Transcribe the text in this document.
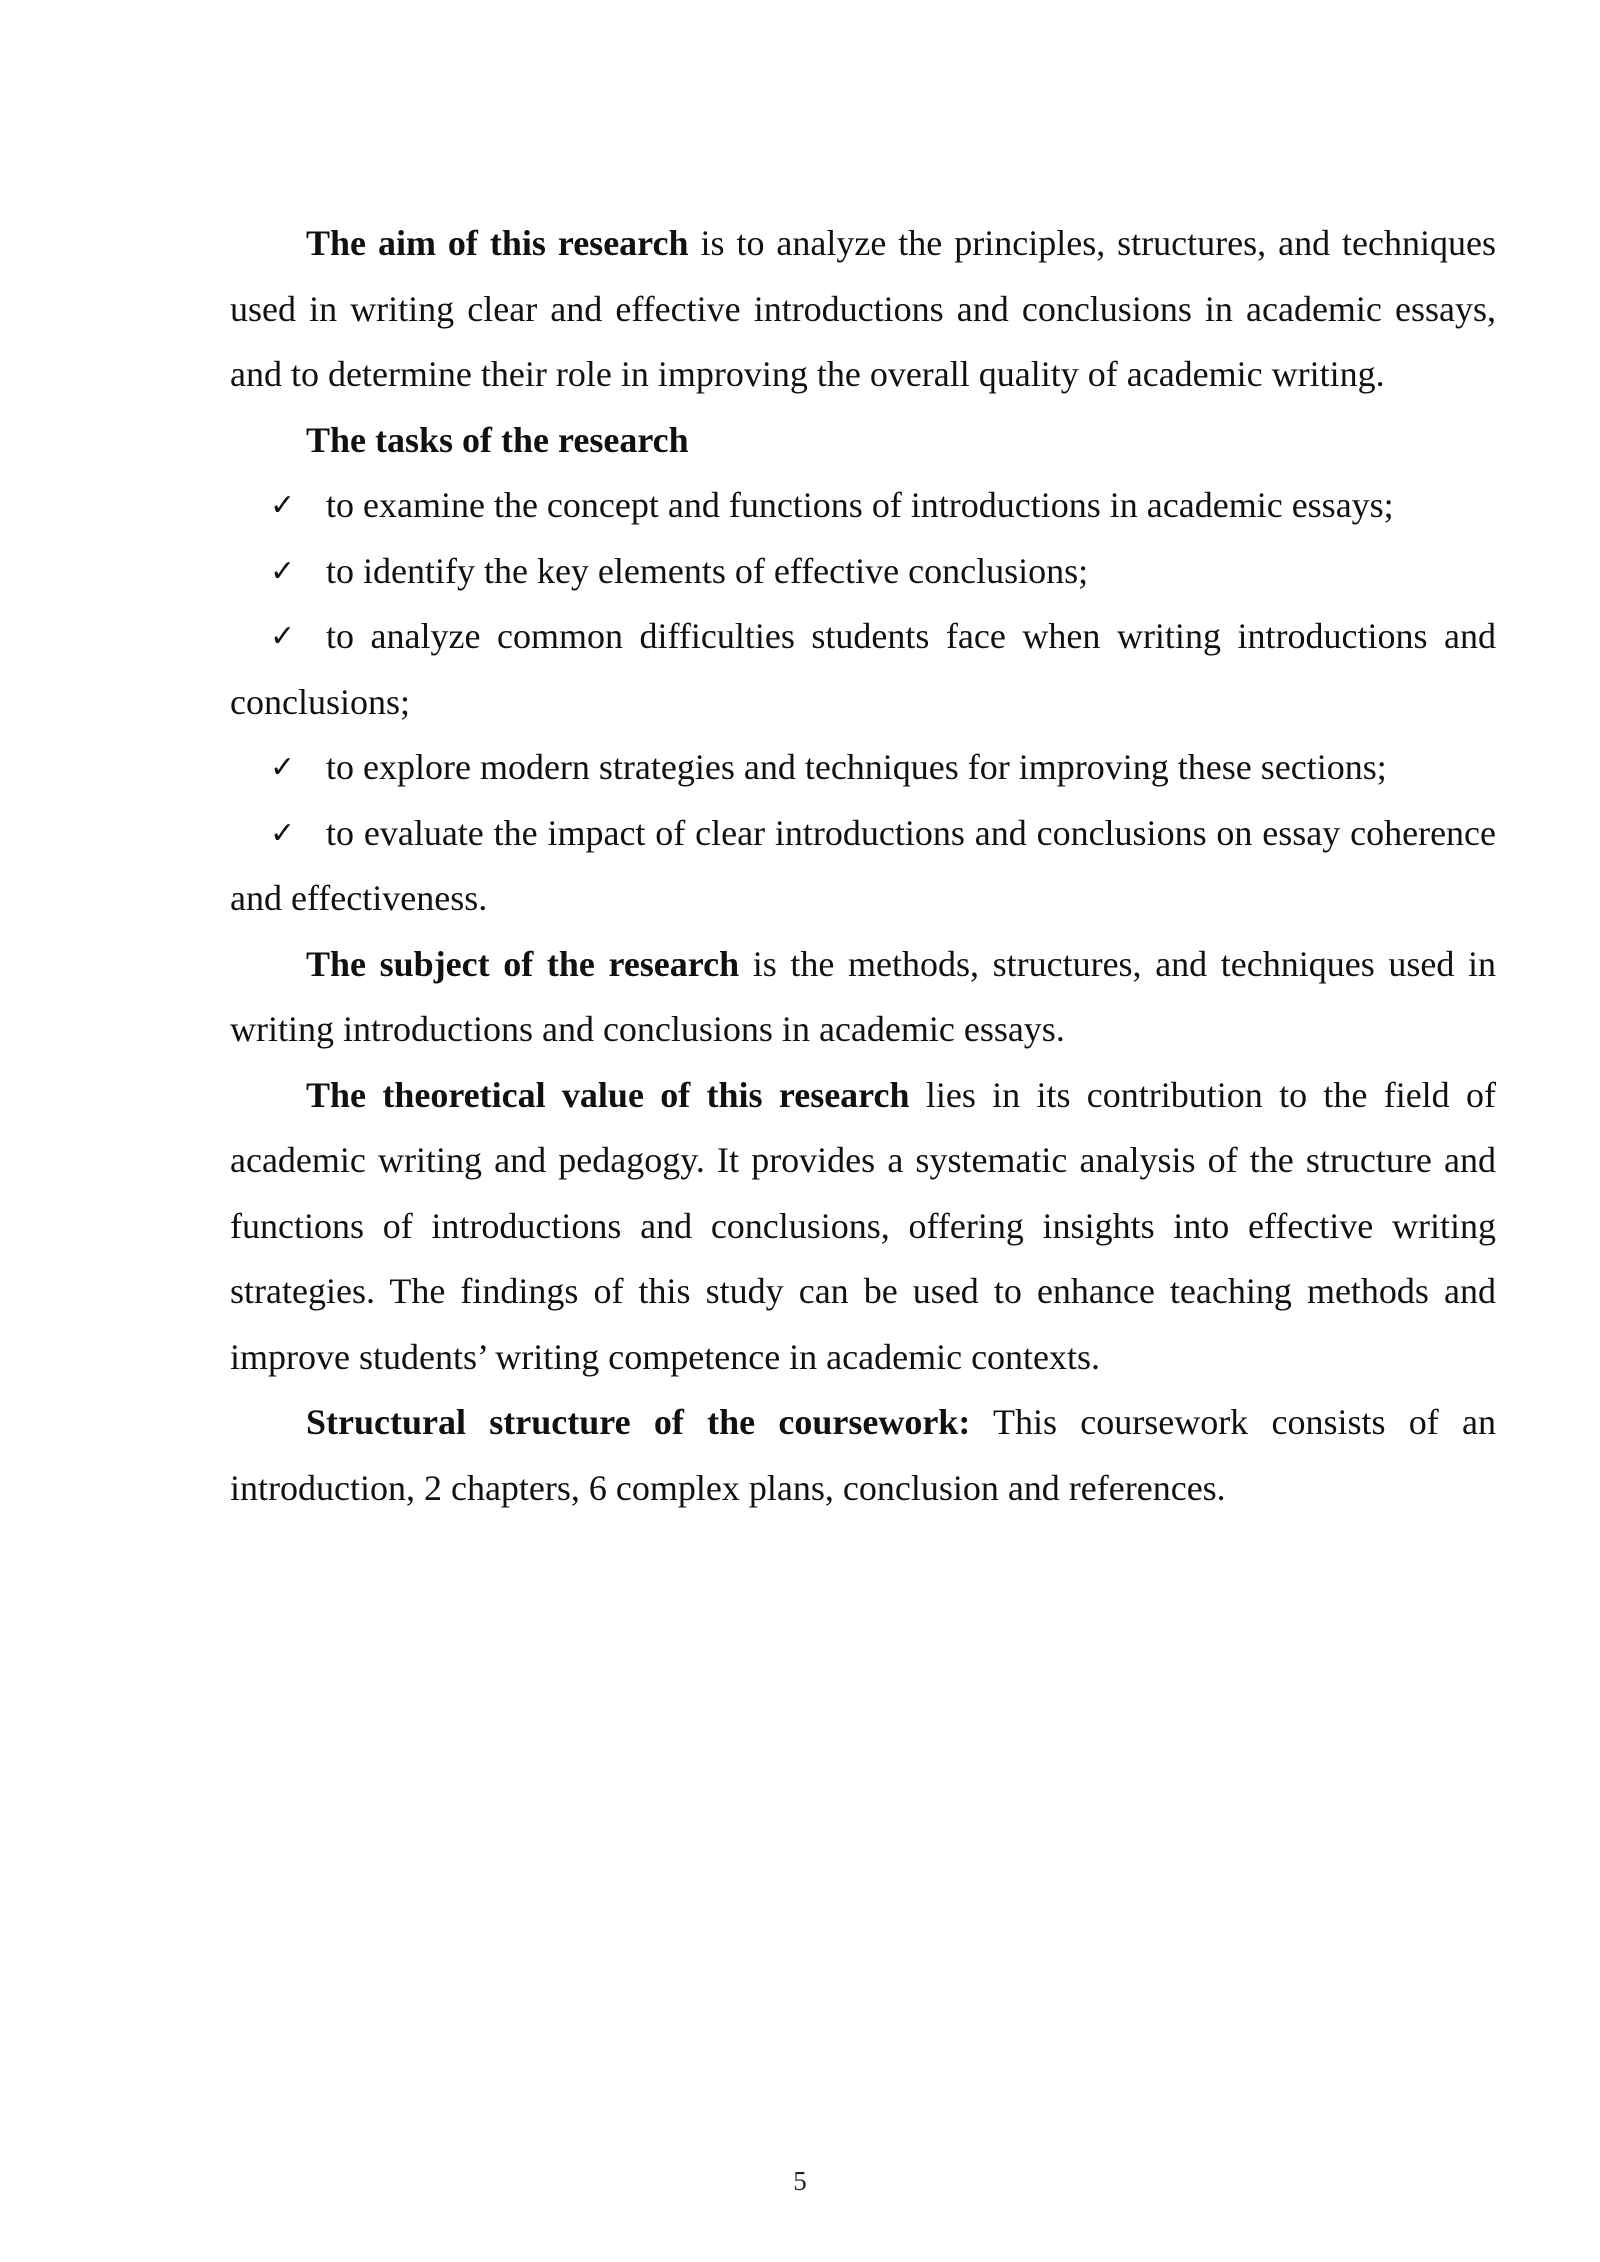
The aim of this research is to analyze the principles, structures, and techniques used in writing clear and effective introductions and conclusions in academic essays, and to determine their role in improving the overall quality of academic writing.

The tasks of the research

✓ to examine the concept and functions of introductions in academic essays;

✓ to identify the key elements of effective conclusions;

✓ to analyze common difficulties students face when writing introductions and conclusions;

✓ to explore modern strategies and techniques for improving these sections;

✓ to evaluate the impact of clear introductions and conclusions on essay coherence and effectiveness.

The subject of the research is the methods, structures, and techniques used in writing introductions and conclusions in academic essays.

The theoretical value of this research lies in its contribution to the field of academic writing and pedagogy. It provides a systematic analysis of the structure and functions of introductions and conclusions, offering insights into effective writing strategies. The findings of this study can be used to enhance teaching methods and improve students’ writing competence in academic contexts.

Structural structure of the coursework: This coursework consists of an introduction, 2 chapters, 6 complex plans, conclusion and references.

5
